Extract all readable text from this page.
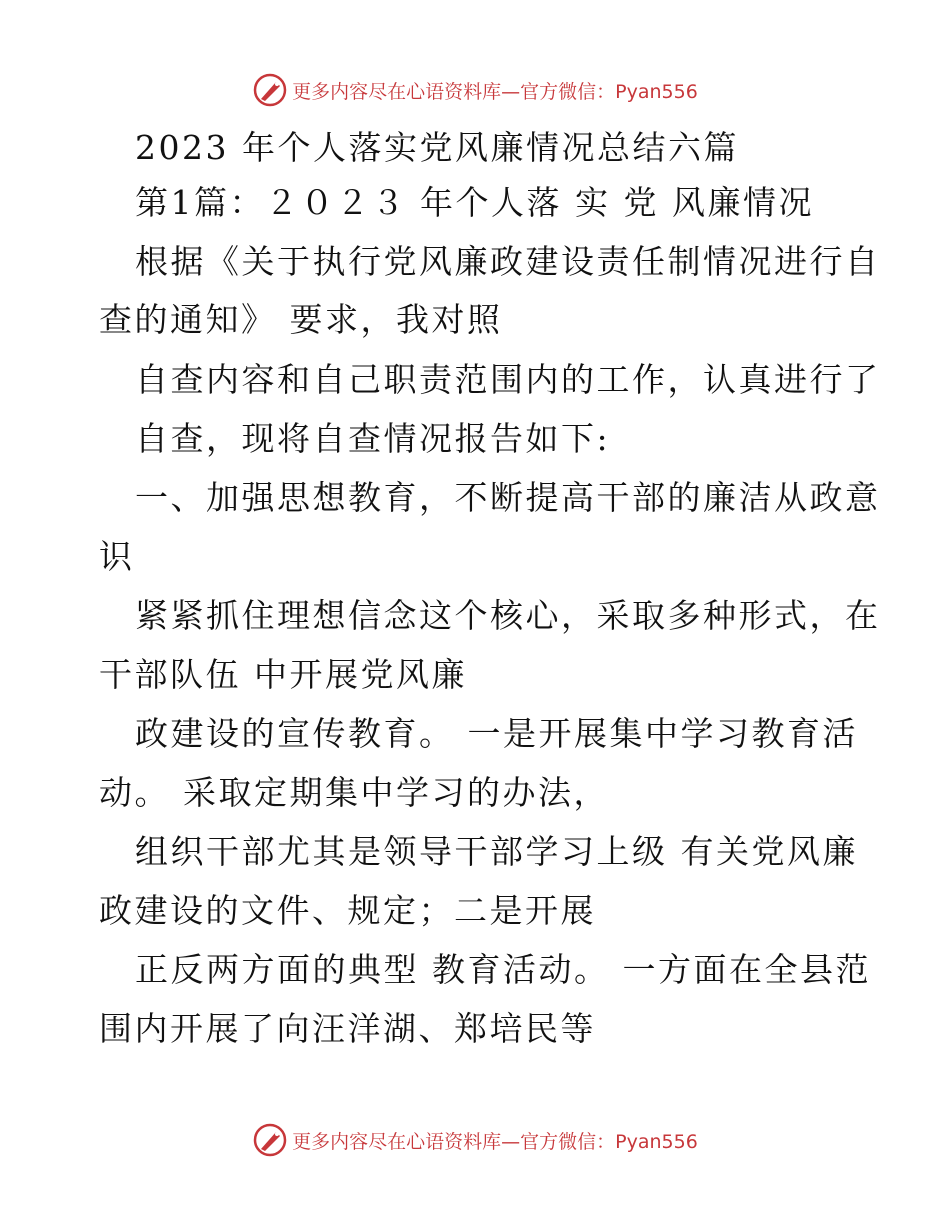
更多内容尽在心语资料库—官方微信：Pyan556
2023 年个人落实党风廉情况总结六篇
第1篇：２０２３ 年个人落 实 党 风廉情况
根据《关于执行党风廉政建设责任制情况进行自
查的通知》 要求，我对照
自查内容和自己职责范围内的工作，认真进行了
自查，现将自查情况报告如下:
一、加强思想教育，不断提高干部的廉洁从政意
识
紧紧抓住理想信念这个核心，采取多种形式，在
干部队伍 中开展党风廉
政建设的宣传教育。 一是开展集中学习教育活
动。 采取定期集中学习的办法，
组织干部尤其是领导干部学习上级 有关党风廉
政建设的文件、规定；二是开展
正反两方面的典型 教育活动。 一方面在全县范
围内开展了向汪洋湖、郑培民等
更多内容尽在心语资料库—官方微信：Pyan556
